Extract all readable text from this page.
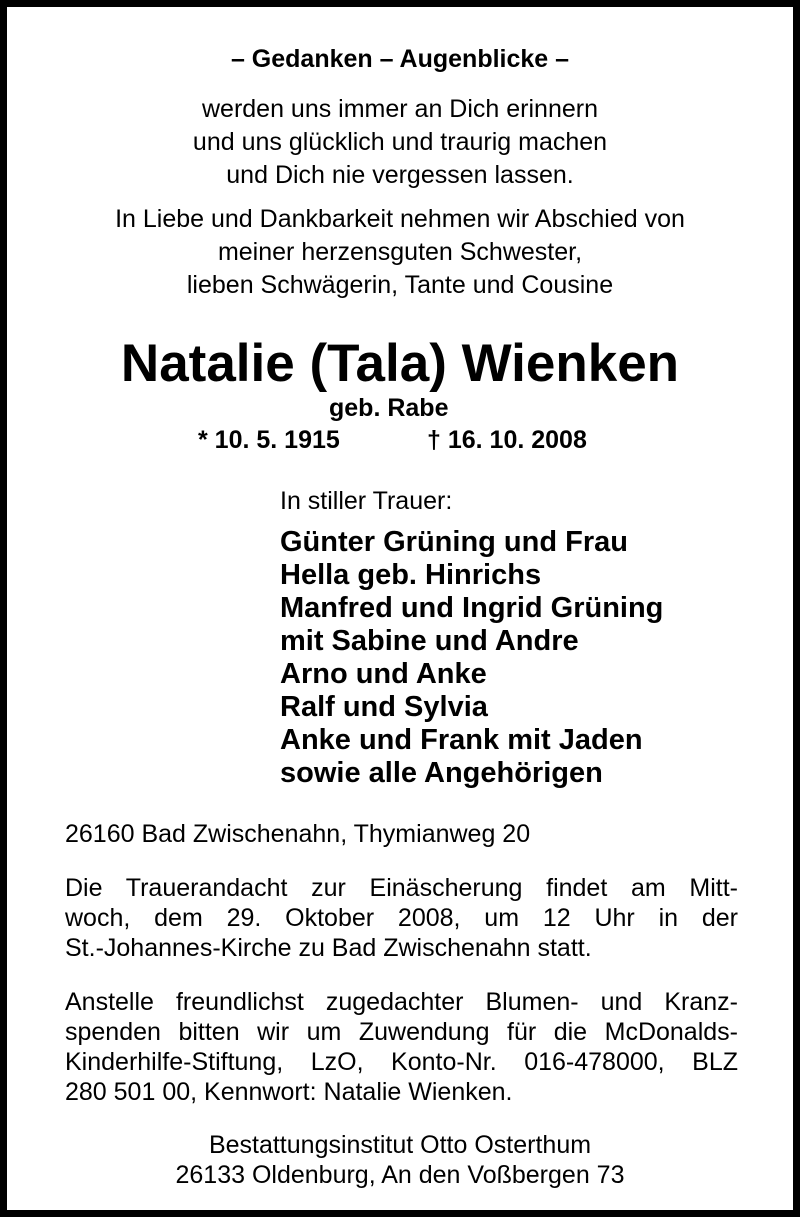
– Gedanken – Augenblicke –
werden uns immer an Dich erinnern
und uns glücklich und traurig machen
und Dich nie vergessen lassen.
In Liebe und Dankbarkeit nehmen wir Abschied von
meiner herzensguten Schwester,
lieben Schwägerin, Tante und Cousine
Natalie (Tala) Wienken
geb. Rabe
* 10. 5. 1915	† 16. 10. 2008
In stiller Trauer:
Günter Grüning und Frau
Hella geb. Hinrichs
Manfred und Ingrid Grüning
mit Sabine und Andre
Arno und Anke
Ralf und Sylvia
Anke und Frank mit Jaden
sowie alle Angehörigen
26160 Bad Zwischenahn, Thymianweg 20
Die Trauerandacht zur Einäscherung findet am Mitt-
woch, dem 29. Oktober 2008, um 12 Uhr in der
St.-Johannes-Kirche zu Bad Zwischenahn statt.
Anstelle freundlichst zugedachter Blumen- und Kranz-
spenden bitten wir um Zuwendung für die McDonalds-
Kinderhilfe-Stiftung, LzO, Konto-Nr. 016-478000, BLZ
280 501 00, Kennwort: Natalie Wienken.
Bestattungsinstitut Otto Osterthum
26133 Oldenburg, An den Voßbergen 73
